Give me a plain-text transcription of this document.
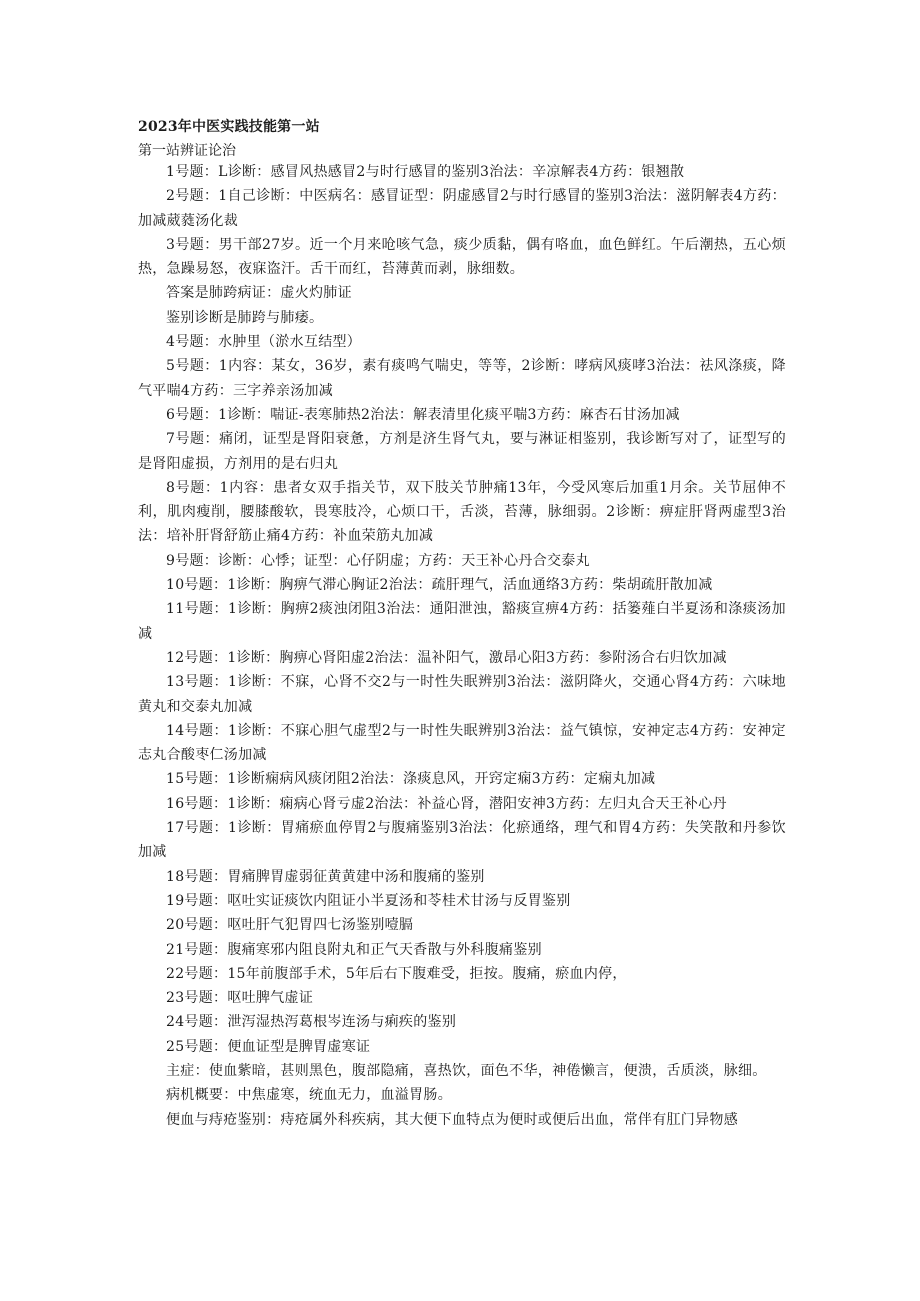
2023年中医实践技能第一站
第一站辨证论治

1号题：L诊断：感冒风热感冒2与时行感冒的鉴别3治法：辛凉解表4方药：银翘散

2号题：1自己诊断：中医病名：感冒证型：阴虚感冒2与时行感冒的鉴别3治法：滋阴解表4方药：加减葳蕤汤化裁

3号题：男干部27岁。近一个月来呛咳气急，痰少质黏，偶有咯血，血色鲜红。午后潮热，五心烦热，急躁易怒，夜寐盗汗。舌干而红，苔薄黄而剥，脉细数。

答案是肺跨病证：虚火灼肺证

鉴别诊断是肺跨与肺痿。

4号题：水肿里（淤水互结型）

5号题：1内容：某女，36岁，素有痰鸣气喘史，等等，2诊断：哮病风痰哮3治法：祛风涤痰，降气平喘4方药：三字养亲汤加减

6号题：1诊断：喘证-表寒肺热2治法：解表清里化痰平喘3方药：麻杏石甘汤加减

7号题：痛闭，证型是肾阳衰惫，方剂是济生肾气丸，要与淋证相鉴别，我诊断写对了，证型写的是肾阳虚损，方剂用的是右归丸

8号题：1内容：患者女双手指关节，双下肢关节肿痛13年，今受风寒后加重1月余。关节屈伸不利，肌肉瘦削，腰膝酸软，畏寒肢冷，心烦口干，舌淡，苔薄，脉细弱。2诊断：痹症肝肾两虚型3治法：培补肝肾舒筋止痛4方药：补血荣筋丸加减

9号题：诊断：心悸；证型：心仔阴虚；方药：天王补心丹合交泰丸

10号题：1诊断：胸痹气滞心胸证2治法：疏肝理气，活血通络3方药：柴胡疏肝散加减

11号题：1诊断：胸痹2痰浊闭阻3治法：通阳泄浊，豁痰宣痹4方药：括篓薤白半夏汤和涤痰汤加减

12号题：1诊断：胸痹心肾阳虚2治法：温补阳气，激昂心阳3方药：参附汤合右归饮加减

13号题：1诊断：不寐，心肾不交2与一时性失眠辨别3治法：滋阴降火，交通心肾4方药：六味地黄丸和交泰丸加减

14号题：1诊断：不寐心胆气虚型2与一时性失眠辨别3治法：益气镇惊，安神定志4方药：安神定志丸合酸枣仁汤加减

15号题：1诊断痫病风痰闭阻2治法：涤痰息风，开窍定痫3方药：定痫丸加减

16号题：1诊断：痫病心肾亏虚2治法：补益心肾，潜阳安神3方药：左归丸合天王补心丹

17号题：1诊断：胃痛瘀血停胃2与腹痛鉴别3治法：化瘀通络，理气和胃4方药：失笑散和丹参饮加减

18号题：胃痛脾胃虚弱征黄黄建中汤和腹痛的鉴别

19号题：呕吐实证痰饮内阻证小半夏汤和苓桂术甘汤与反胃鉴别

20号题：呕吐肝气犯胃四七汤鉴别噎膈

21号题：腹痛寒邪内阻良附丸和正气天香散与外科腹痛鉴别

22号题：15年前腹部手术，5年后右下腹难受，拒按。腹痛，瘀血内停，

23号题：呕吐脾气虚证

24号题：泄泻湿热泻葛根岑连汤与痢疾的鉴别

25号题：便血证型是脾胃虚寒证

主症：使血紫暗，甚则黑色，腹部隐痛，喜热饮，面色不华，神倦懒言，便溃，舌质淡，脉细。

病机概要：中焦虚寒，统血无力，血溢胃肠。

便血与痔疮鉴别：痔疮属外科疾病，其大便下血特点为便时或便后出血，常伴有肛门异物感
